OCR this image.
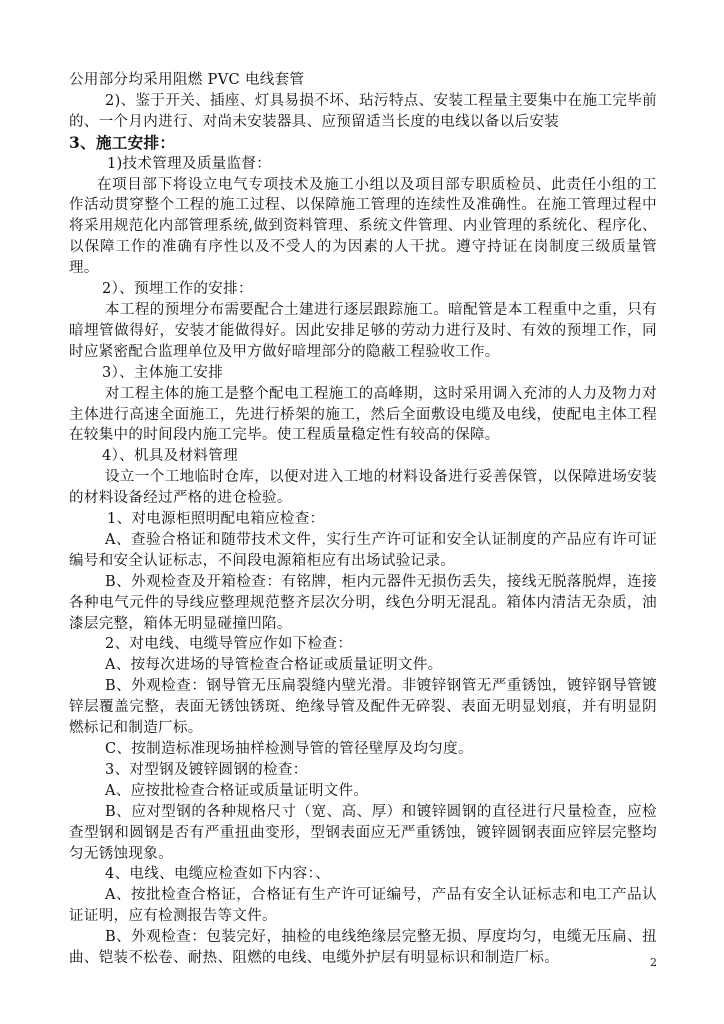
公用部分均采用阻燃 PVC 电线套管

2)、鉴于开关、插座、灯具易损不坏、玷污特点、安装工程量主要集中在施工完毕前的、一个月内进行、对尚未安装器具、应预留适当长度的电线以备以后安装

3、施工安排：

1)技术管理及质量监督：

在项目部下将设立电气专项技术及施工小组以及项目部专职质检员、此责任小组的工作活动贯穿整个工程的施工过程、以保障施工管理的连续性及准确性。在施工管理过程中将采用规范化内部管理系统,做到资料管理、系统文件管理、内业管理的系统化、程序化、以保障工作的准确有序性以及不受人的为因素的人干扰。遵守持证在岗制度三级质量管理。

2）、预埋工作的安排：

本工程的预埋分布需要配合土建进行逐层跟踪施工。暗配管是本工程重中之重，只有暗埋管做得好，安装才能做得好。因此安排足够的劳动力进行及时、有效的预埋工作，同时应紧密配合监理单位及甲方做好暗埋部分的隐蔽工程验收工作。

3）、主体施工安排

对工程主体的施工是整个配电工程施工的高峰期，这时采用调入充沛的人力及物力对主体进行高速全面施工，先进行桥架的施工，然后全面敷设电缆及电线，使配电主体工程在较集中的时间段内施工完毕。使工程质量稳定性有较高的保障。

4）、机具及材料管理

设立一个工地临时仓库，以便对进入工地的材料设备进行妥善保管，以保障进场安装的材料设备经过严格的进仓检验。

1、对电源柜照明配电箱应检查：

A、查验合格证和随带技术文件，实行生产许可证和安全认证制度的产品应有许可证编号和安全认证标志，不间段电源箱柜应有出场试验记录。

B、外观检查及开箱检查：有铭牌，柜内元器件无损伤丢失，接线无脱落脱焊，连接各种电气元件的导线应整理规范整齐层次分明，线色分明无混乱。箱体内清洁无杂质，油漆层完整，箱体无明显碰撞凹陷。

2、对电线、电缆导管应作如下检查：

A、按每次进场的导管检查合格证或质量证明文件。

B、外观检查：钢导管无压扁裂缝内壁光滑。非镀锌钢管无严重锈蚀，镀锌钢导管镀锌层覆盖完整，表面无锈蚀锈斑、绝缘导管及配件无碎裂、表面无明显划痕，并有明显阴燃标记和制造厂标。

C、按制造标准现场抽样检测导管的管径壁厚及均匀度。

3、对型钢及镀锌圆钢的检查：

A、应按批检查合格证或质量证明文件。

B、应对型钢的各种规格尺寸（宽、高、厚）和镀锌圆钢的直径进行尺量检查，应检查型钢和圆钢是否有严重扭曲变形，型钢表面应无严重锈蚀，镀锌圆钢表面应锌层完整均匀无锈蚀现象。

4、电线、电缆应检查如下内容：、

A、按批检查合格证，合格证有生产许可证编号，产品有安全认证标志和电工产品认证证明，应有检测报告等文件。

B、外观检查：包装完好，抽检的电线绝缘层完整无损、厚度均匀，电缆无压扁、扭曲、铠装不松卷、耐热、阻燃的电线、电缆外护层有明显标识和制造厂标。	2
